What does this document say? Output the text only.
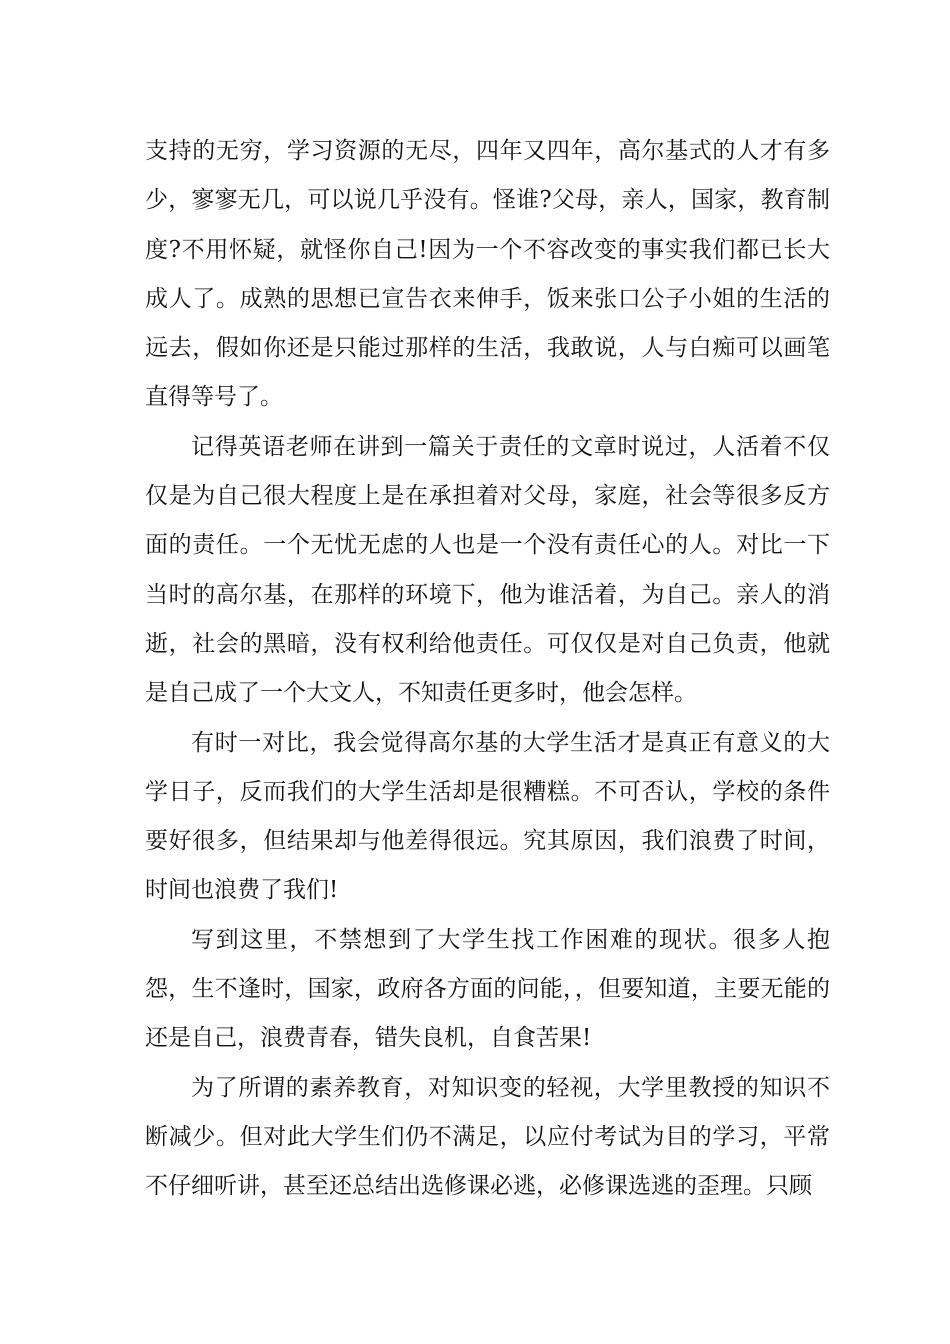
支持的无穷，学习资源的无尽，四年又四年，高尔基式的人才有多少，寥寥无几，可以说几乎没有。怪谁?父母，亲人，国家，教育制度?不用怀疑，就怪你自己!因为一个不容改变的事实我们都已长大成人了。成熟的思想已宣告衣来伸手，饭来张口公子小姐的生活的远去，假如你还是只能过那样的生活，我敢说，人与白痴可以画笔直得等号了。

记得英语老师在讲到一篇关于责任的文章时说过，人活着不仅仅是为自己很大程度上是在承担着对父母，家庭，社会等很多反方面的责任。一个无忧无虑的人也是一个没有责任心的人。对比一下当时的高尔基，在那样的环境下，他为谁活着，为自己。亲人的消逝，社会的黑暗，没有权利给他责任。可仅仅是对自己负责，他就是自己成了一个大文人，不知责任更多时，他会怎样。

有时一对比，我会觉得高尔基的大学生活才是真正有意义的大学日子，反而我们的大学生活却是很糟糕。不可否认，学校的条件要好很多，但结果却与他差得很远。究其原因，我们浪费了时间，时间也浪费了我们!

写到这里，不禁想到了大学生找工作困难的现状。很多人抱怨，生不逢时，国家，政府各方面的问能，，但要知道，主要无能的还是自己，浪费青春，错失良机，自食苦果!

为了所谓的素养教育，对知识变的轻视，大学里教授的知识不断减少。但对此大学生们仍不满足，以应付考试为目的学习，平常不仔细听讲，甚至还总结出选修课必逃，必修课选逃的歪理。只顾
